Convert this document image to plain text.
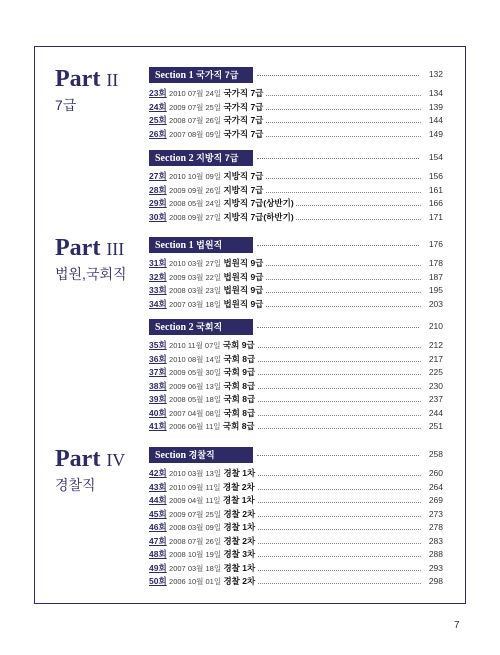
Part II
7급
Part III
법원,국회직
Part IV
경찰직
Section 1 국가직 7급	132
23회 2010 07월 24일 국가직 7급	134
24회 2009 07월 25일 국가직 7급	139
25회 2008 07월 26일 국가직 7급	144
26회 2007 08월 09일 국가직 7급	149
Section 2 지방직 7급	154
27회 2010 10월 09일 지방직 7급	156
28회 2009 09월 26일 지방직 7급	161
29회 2008 05월 24일 지방직 7급(상반기)	166
30회 2008 09월 27일 지방직 7급(하반기)	171
Section 1 법원직	176
31회 2010 03월 27일 법원직 9급	178
32회 2009 03월 22일 법원직 9급	187
33회 2008 03월 23일 법원직 9급	195
34회 2007 03월 18일 법원직 9급	203
Section 2 국회직	210
35회 2010 11월 07일 국회 9급	212
36회 2010 08월 14일 국회 8급	217
37회 2009 05월 30일 국회 9급	225
38회 2009 06월 13일 국회 8급	230
39회 2008 05월 18일 국회 8급	237
40회 2007 04월 08일 국회 8급	244
41회 2006 06월 11일 국회 8급	251
Section 경찰직	258
42회 2010 03월 13일 경찰 1차	260
43회 2010 09월 11일 경찰 2차	264
44회 2009 04월 11일 경찰 1차	269
45회 2009 07월 25일 경찰 2차	273
46회 2008 03월 09일 경찰 1차	278
47회 2008 07월 26일 경찰 2차	283
48회 2008 10월 19일 경찰 3차	288
49회 2007 03월 18일 경찰 1차	293
50회 2006 10월 01일 경찰 2차	298
7
